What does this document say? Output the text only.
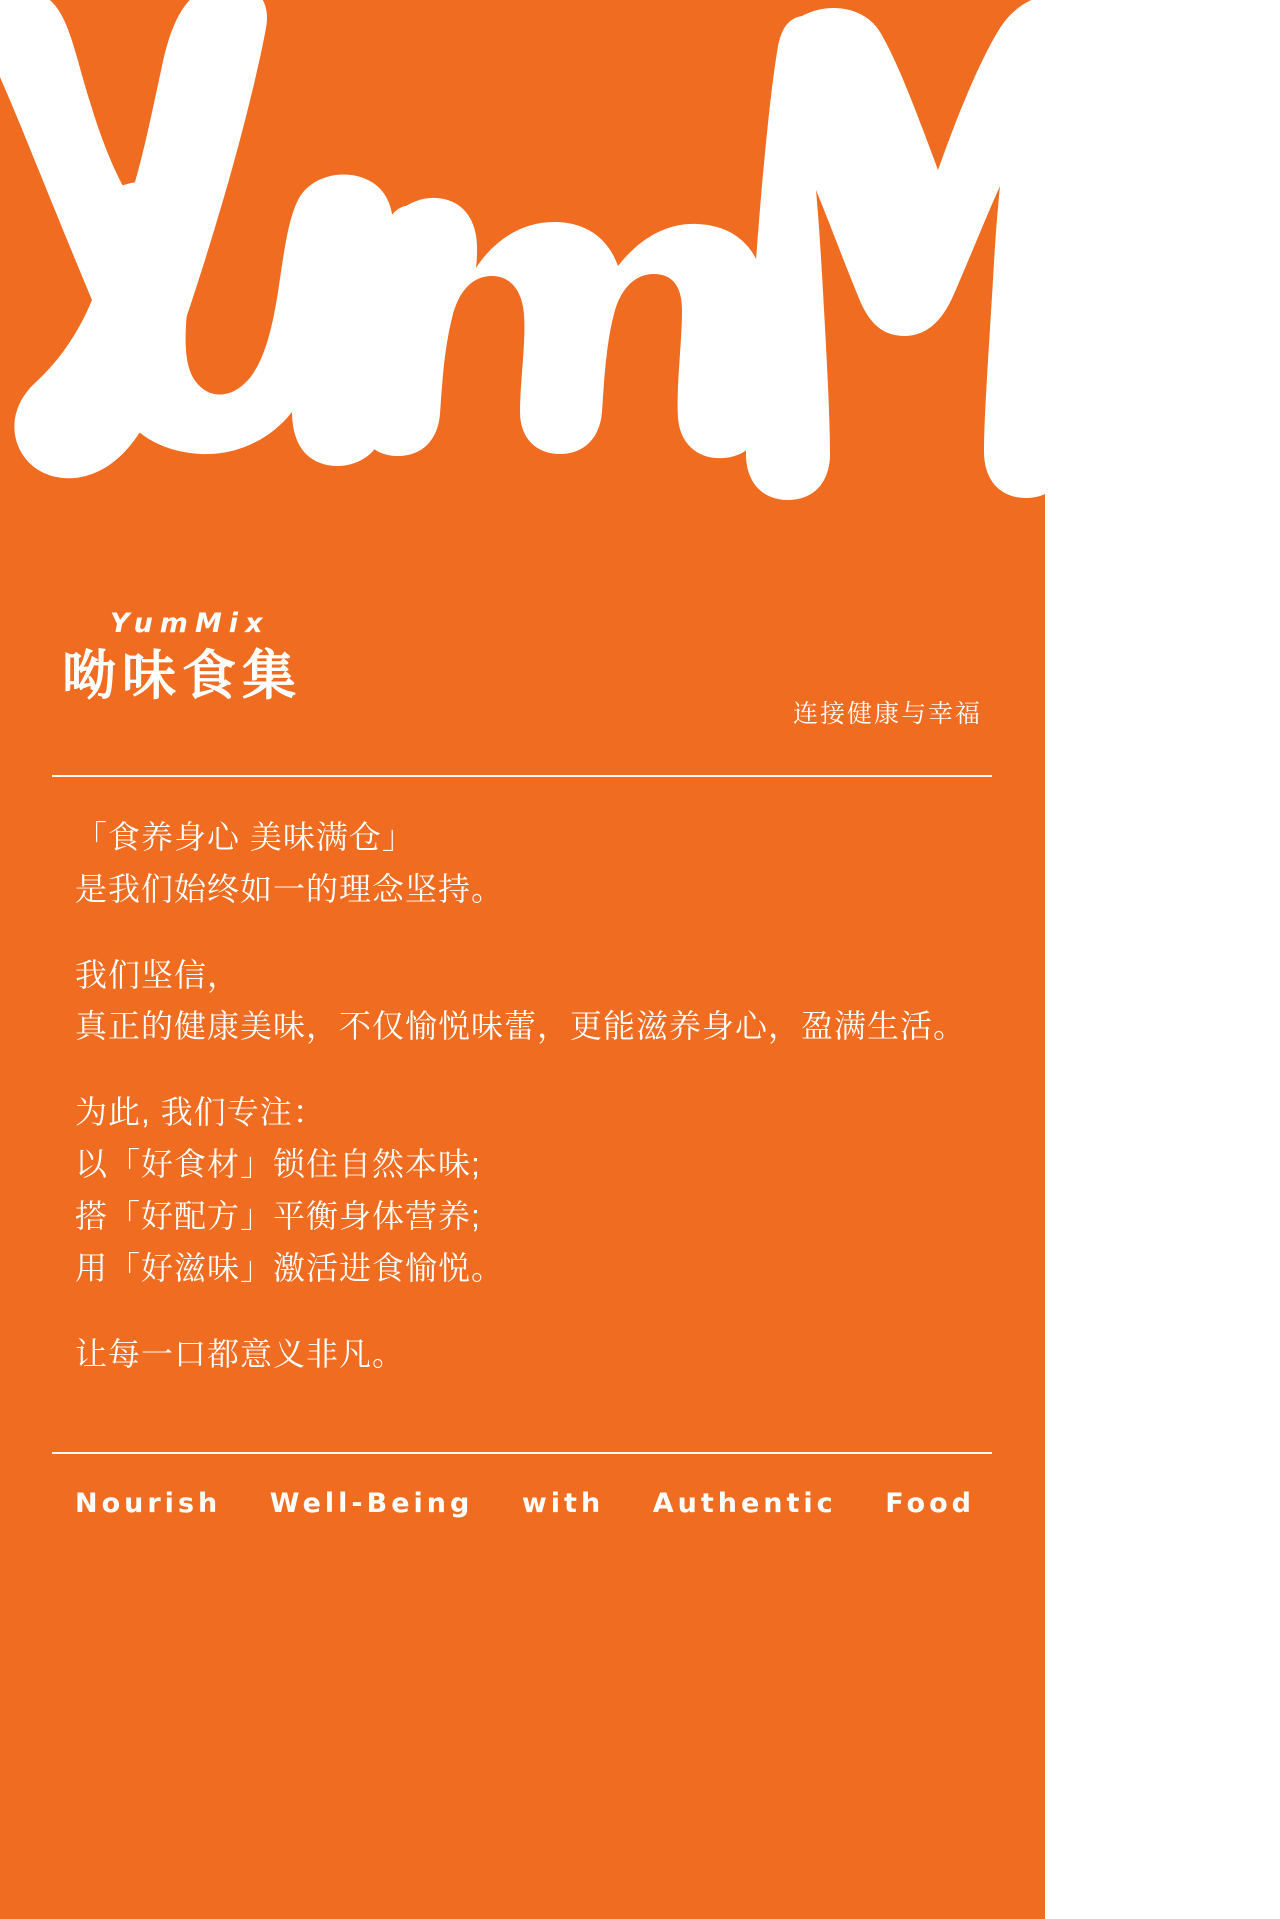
YumMix
呦味食集
连接健康与幸福

「食养身心 美味满仓」

是我们始终如一的理念坚持。

我们坚信，

真正的健康美味，不仅愉悦味蕾，更能滋养身心，盈满生活。

为此, 我们专注：

以「好食材」锁住自然本味;

搭「好配方」平衡身体营养;

用「好滋味」激活进食愉悦。

让每一口都意义非凡。

Nourish Well-Being with Authentic Food
